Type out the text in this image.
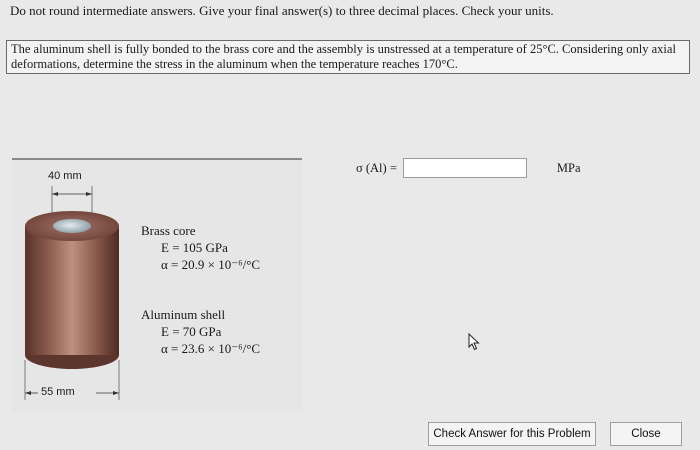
Do not round intermediate answers. Give your final answer(s) to three decimal places. Check your units.
The aluminum shell is fully bonded to the brass core and the assembly is unstressed at a temperature of 25°C. Considering only axial deformations, determine the stress in the aluminum when the temperature reaches 170°C.
40 mm
55 mm
Brass core
E = 105 GPa
α = 20.9 × 10⁻⁶/°C
Aluminum shell
E = 70 GPa
α = 23.6 × 10⁻⁶/°C
σ (Al) =	MPa
Check Answer for this Problem	Close
